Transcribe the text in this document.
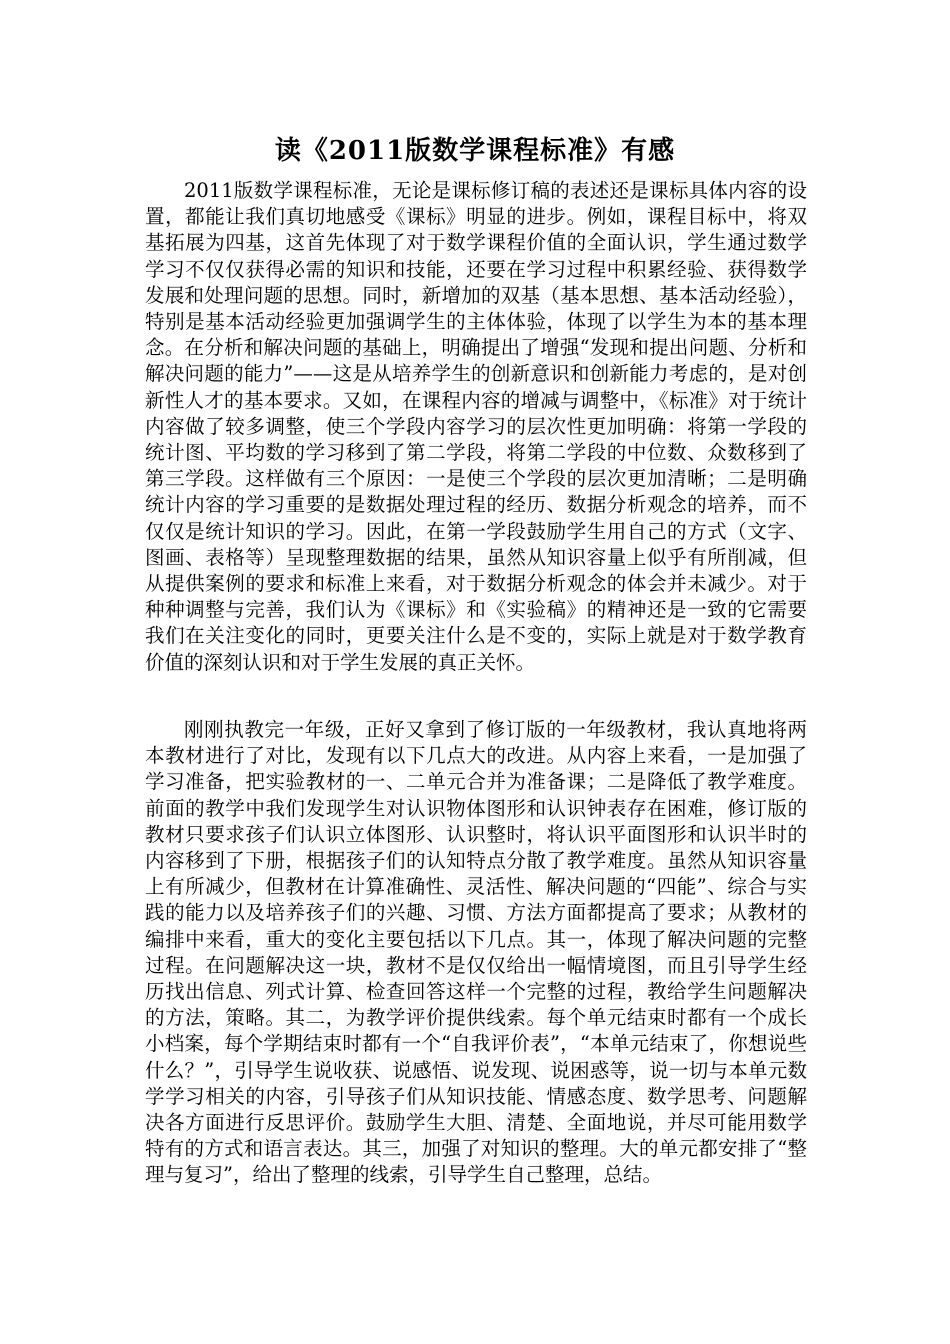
读《2011版数学课程标准》有感

2011版数学课程标准，无论是课标修订稿的表述还是课标具体内容的设置，都能让我们真切地感受《课标》明显的进步。例如，课程目标中，将双基拓展为四基，这首先体现了对于数学课程价值的全面认识，学生通过数学学习不仅仅获得必需的知识和技能，还要在学习过程中积累经验、获得数学发展和处理问题的思想。同时，新增加的双基（基本思想、基本活动经验），特别是基本活动经验更加强调学生的主体体验，体现了以学生为本的基本理念。在分析和解决问题的基础上，明确提出了增强“发现和提出问题、分析和解决问题的能力”——这是从培养学生的创新意识和创新能力考虑的，是对创新性人才的基本要求。又如，在课程内容的增减与调整中，《标准》对于统计内容做了较多调整，使三个学段内容学习的层次性更加明确：将第一学段的统计图、平均数的学习移到了第二学段，将第二学段的中位数、众数移到了第三学段。这样做有三个原因：一是使三个学段的层次更加清晰；二是明确统计内容的学习重要的是数据处理过程的经历、数据分析观念的培养，而不仅仅是统计知识的学习。因此，在第一学段鼓励学生用自己的方式（文字、图画、表格等）呈现整理数据的结果，虽然从知识容量上似乎有所削减，但从提供案例的要求和标准上来看，对于数据分析观念的体会并未减少。对于种种调整与完善，我们认为《课标》和《实验稿》的精神还是一致的它需要我们在关注变化的同时，更要关注什么是不变的，实际上就是对于数学教育价值的深刻认识和对于学生发展的真正关怀。

刚刚执教完一年级，正好又拿到了修订版的一年级教材，我认真地将两本教材进行了对比，发现有以下几点大的改进。从内容上来看，一是加强了学习准备，把实验教材的一、二单元合并为准备课；二是降低了教学难度。前面的教学中我们发现学生对认识物体图形和认识钟表存在困难，修订版的教材只要求孩子们认识立体图形、认识整时，将认识平面图形和认识半时的内容移到了下册，根据孩子们的认知特点分散了教学难度。虽然从知识容量上有所减少，但教材在计算准确性、灵活性、解决问题的“四能”、综合与实践的能力以及培养孩子们的兴趣、习惯、方法方面都提高了要求；从教材的编排中来看，重大的变化主要包括以下几点。其一，体现了解决问题的完整过程。在问题解决这一块，教材不是仅仅给出一幅情境图，而且引导学生经历找出信息、列式计算、检查回答这样一个完整的过程，教给学生问题解决的方法，策略。其二，为教学评价提供线索。每个单元结束时都有一个成长小档案，每个学期结束时都有一个“自我评价表”，“本单元结束了，你想说些什么？”，引导学生说收获、说感悟、说发现、说困惑等，说一切与本单元数学学习相关的内容，引导孩子们从知识技能、情感态度、数学思考、问题解决各方面进行反思评价。鼓励学生大胆、清楚、全面地说，并尽可能用数学特有的方式和语言表达。其三，加强了对知识的整理。大的单元都安排了“整理与复习”，给出了整理的线索，引导学生自己整理，总结。
